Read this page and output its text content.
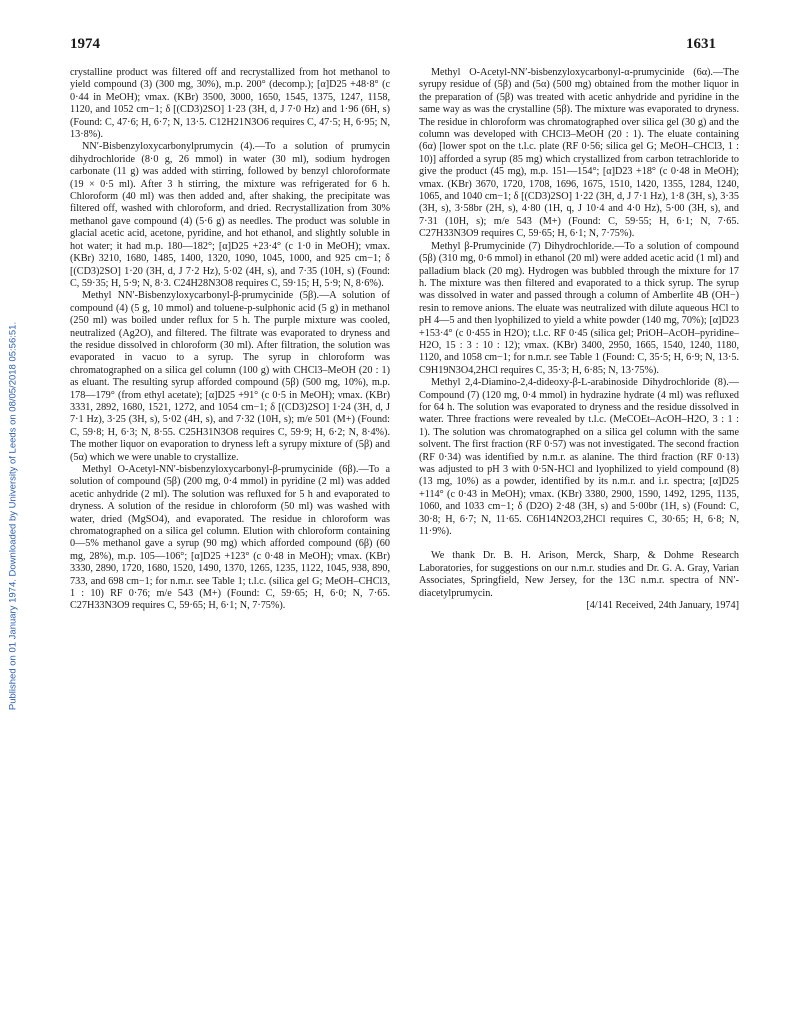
Published on 01 January 1974. Downloaded by University of Leeds on 08/05/2018 05:56:51.
1974	1631

crystalline product was filtered off and recrystallized from hot methanol to yield compound (3) (300 mg, 30%), m.p. 200° (decomp.); [α]D25 +48·8° (c 0·44 in MeOH); νmax. (KBr) 3500, 3000, 1650, 1545, 1375, 1247, 1158, 1120, and 1052 cm−1; δ [(CD3)2SO] 1·23 (3H, d, J 7·0 Hz) and 1·96 (6H, s) (Found: C, 47·6; H, 6·7; N, 13·5. C12H21N3O6 requires C, 47·5; H, 6·95; N, 13·8%).

NN′-Bisbenzyloxycarbonylprumycin (4).—To a solution of prumycin dihydrochloride (8·0 g, 26 mmol) in water (30 ml), sodium hydrogen carbonate (11 g) was added with stirring, followed by benzyl chloroformate (19 × 0·5 ml). After 3 h stirring, the mixture was refrigerated for 6 h. Chloroform (40 ml) was then added and, after shaking, the precipitate was filtered off, washed with chloroform, and dried. Recrystallization from 30% methanol gave compound (4) (5·6 g) as needles. The product was soluble in glacial acetic acid, acetone, pyridine, and hot ethanol, and slightly soluble in hot water; it had m.p. 180—182°; [α]D25 +23·4° (c 1·0 in MeOH); νmax. (KBr) 3210, 1680, 1485, 1400, 1320, 1090, 1045, 1000, and 925 cm−1; δ [(CD3)2SO] 1·20 (3H, d, J 7·2 Hz), 5·02 (4H, s), and 7·35 (10H, s) (Found: C, 59·35; H, 5·9; N, 8·3. C24H28N3O8 requires C, 59·15; H, 5·9; N, 8·6%).

Methyl NN′-Bisbenzyloxycarbonyl-β-prumycinide (5β).—A solution of compound (4) (5 g, 10 mmol) and toluene-p-sulphonic acid (5 g) in methanol (250 ml) was boiled under reflux for 5 h. The purple mixture was cooled, neutralized (Ag2O), and filtered. The filtrate was evaporated to dryness and the residue dissolved in chloroform (30 ml). After filtration, the solution was evaporated in vacuo to a syrup. The syrup in chloroform was chromatographed on a silica gel column (100 g) with CHCl3–MeOH (20 : 1) as eluant. The resulting syrup afforded compound (5β) (500 mg, 10%), m.p. 178—179° (from ethyl acetate); [α]D25 +91° (c 0·5 in MeOH); νmax. (KBr) 3331, 2892, 1680, 1521, 1272, and 1054 cm−1; δ [(CD3)2SO] 1·24 (3H, d, J 7·1 Hz), 3·25 (3H, s), 5·02 (4H, s), and 7·32 (10H, s); m/e 501 (M+) (Found: C, 59·8; H, 6·3; N, 8·55. C25H31N3O8 requires C, 59·9; H, 6·2; N, 8·4%). The mother liquor on evaporation to dryness left a syrupy mixture of (5β) and (5α) which we were unable to crystallize.

Methyl O-Acetyl-NN′-bisbenzyloxycarbonyl-β-prumycinide (6β).—To a solution of compound (5β) (200 mg, 0·4 mmol) in pyridine (2 ml) was added acetic anhydride (2 ml). The solution was refluxed for 5 h and evaporated to dryness. A solution of the residue in chloroform (50 ml) was washed with water, dried (MgSO4), and evaporated. The residue in chloroform was chromatographed on a silica gel column. Elution with chloroform containing 0—5% methanol gave a syrup (90 mg) which afforded compound (6β) (60 mg, 28%), m.p. 105—106°; [α]D25 +123° (c 0·48 in MeOH); νmax. (KBr) 3330, 2890, 1720, 1680, 1520, 1490, 1370, 1265, 1235, 1122, 1045, 938, 890, 733, and 698 cm−1; for n.m.r. see Table 1; t.l.c. (silica gel G; MeOH–CHCl3, 1 : 10) RF 0·76; m/e 543 (M+) (Found: C, 59·65; H, 6·0; N, 7·65. C27H33N3O9 requires C, 59·65; H, 6·1; N, 7·75%).

Methyl O-Acetyl-NN′-bisbenzyloxycarbonyl-α-prumycinide (6α).—The syrupy residue of (5β) and (5α) (500 mg) obtained from the mother liquor in the preparation of (5β) was treated with acetic anhydride and pyridine in the same way as was the crystalline (5β). The mixture was evaporated to dryness. The residue in chloroform was chromatographed over silica gel (30 g) and the column was developed with CHCl3–MeOH (20 : 1). The eluate containing (6α) [lower spot on the t.l.c. plate (RF 0·56; silica gel G; MeOH–CHCl3, 1 : 10)] afforded a syrup (85 mg) which crystallized from carbon tetrachloride to give the product (45 mg), m.p. 151—154°; [α]D23 +18° (c 0·48 in MeOH); νmax. (KBr) 3670, 1720, 1708, 1696, 1675, 1510, 1420, 1355, 1284, 1240, 1065, and 1040 cm−1; δ [(CD3)2SO] 1·22 (3H, d, J 7·1 Hz), 1·8 (3H, s), 3·35 (3H, s), 3·58br (2H, s), 4·80 (1H, q, J 10·4 and 4·0 Hz), 5·00 (3H, s), and 7·31 (10H, s); m/e 543 (M+) (Found: C, 59·55; H, 6·1; N, 7·65. C27H33N3O9 requires C, 59·65; H, 6·1; N, 7·75%).

Methyl β-Prumycinide (7) Dihydrochloride.—To a solution of compound (5β) (310 mg, 0·6 mmol) in ethanol (20 ml) were added acetic acid (1 ml) and palladium black (20 mg). Hydrogen was bubbled through the mixture for 17 h. The mixture was then filtered and evaporated to a thick syrup. The syrup was dissolved in water and passed through a column of Amberlite 4B (OH−) resin to remove anions. The eluate was neutralized with dilute aqueous HCl to pH 4—5 and then lyophilized to yield a white powder (140 mg, 70%); [α]D23 +153·4° (c 0·455 in H2O); t.l.c. RF 0·45 (silica gel; PriOH–AcOH–pyridine–H2O, 15 : 3 : 10 : 12); νmax. (KBr) 3400, 2950, 1665, 1540, 1240, 1180, 1120, and 1058 cm−1; for n.m.r. see Table 1 (Found: C, 35·5; H, 6·9; N, 13·5. C9H19N3O4,2HCl requires C, 35·3; H, 6·85; N, 13·75%).

Methyl 2,4-Diamino-2,4-dideoxy-β-L-arabinoside Dihydrochloride (8).—Compound (7) (120 mg, 0·4 mmol) in hydrazine hydrate (4 ml) was refluxed for 64 h. The solution was evaporated to dryness and the residue dissolved in water. Three fractions were revealed by t.l.c. (MeCOEt–AcOH–H2O, 3 : 1 : 1). The solution was chromatographed on a silica gel column with the same solvent. The first fraction (RF 0·57) was not investigated. The second fraction (RF 0·34) was identified by n.m.r. as alanine. The third fraction (RF 0·13) was adjusted to pH 3 with 0·5N-HCl and lyophilized to yield compound (8) (13 mg, 10%) as a powder, identified by its n.m.r. and i.r. spectra; [α]D25 +114° (c 0·43 in MeOH); νmax. (KBr) 3380, 2900, 1590, 1492, 1295, 1135, 1060, and 1033 cm−1; δ (D2O) 2·48 (3H, s) and 5·00br (1H, s) (Found: C, 30·8; H, 6·7; N, 11·65. C6H14N2O3,2HCl requires C, 30·65; H, 6·8; N, 11·9%).

We thank Dr. B. H. Arison, Merck, Sharp, & Dohme Research Laboratories, for suggestions on our n.m.r. studies and Dr. G. A. Gray, Varian Associates, Springfield, New Jersey, for the 13C n.m.r. spectra of NN′-diacetylprumycin.

[4/141 Received, 24th January, 1974]
